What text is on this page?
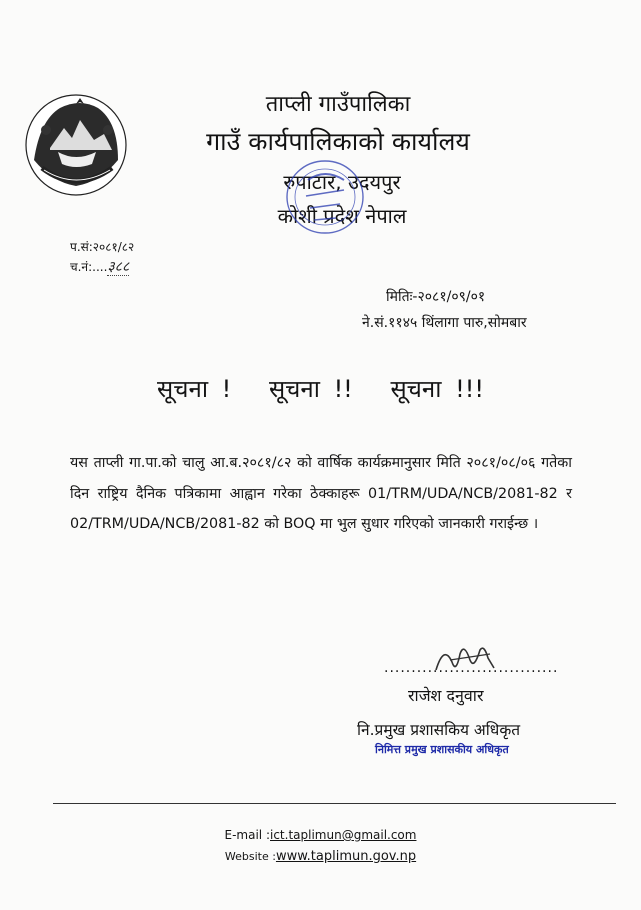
ताप्ली गाउँपालिका
गाउँ कार्यपालिकाको कार्यालय
रुपाटार, उदयपुर
कोशी प्रदेश नेपाल
प.सं:२०८१/८२
च.नं:....३८८
मितिः-२०८१/०९/०१
ने.सं.११४५ थिंलागा पारु,सोमबार
सूचना ! सूचना !! सूचना !!!
यस ताप्ली गा.पा.को चालु आ.ब.२०८१/८२ को वार्षिक कार्यक्रमानुसार मिति २०८१/०८/०६ गतेका दिन राष्ट्रिय दैनिक पत्रिकामा आह्वान गरेका ठेक्काहरू 01/TRM/UDA/NCB/2081-82 र 02/TRM/UDA/NCB/2081-82 को BOQ मा भुल सुधार गरिएको जानकारी गराईन्छ ।
................................
राजेश दनुवार
नि.प्रमुख प्रशासकिय अधिकृत
निमित्त प्रमुख प्रशासकीय अधिकृत
E-mail :ict.taplimun@gmail.com
Website :www.taplimun.gov.np
